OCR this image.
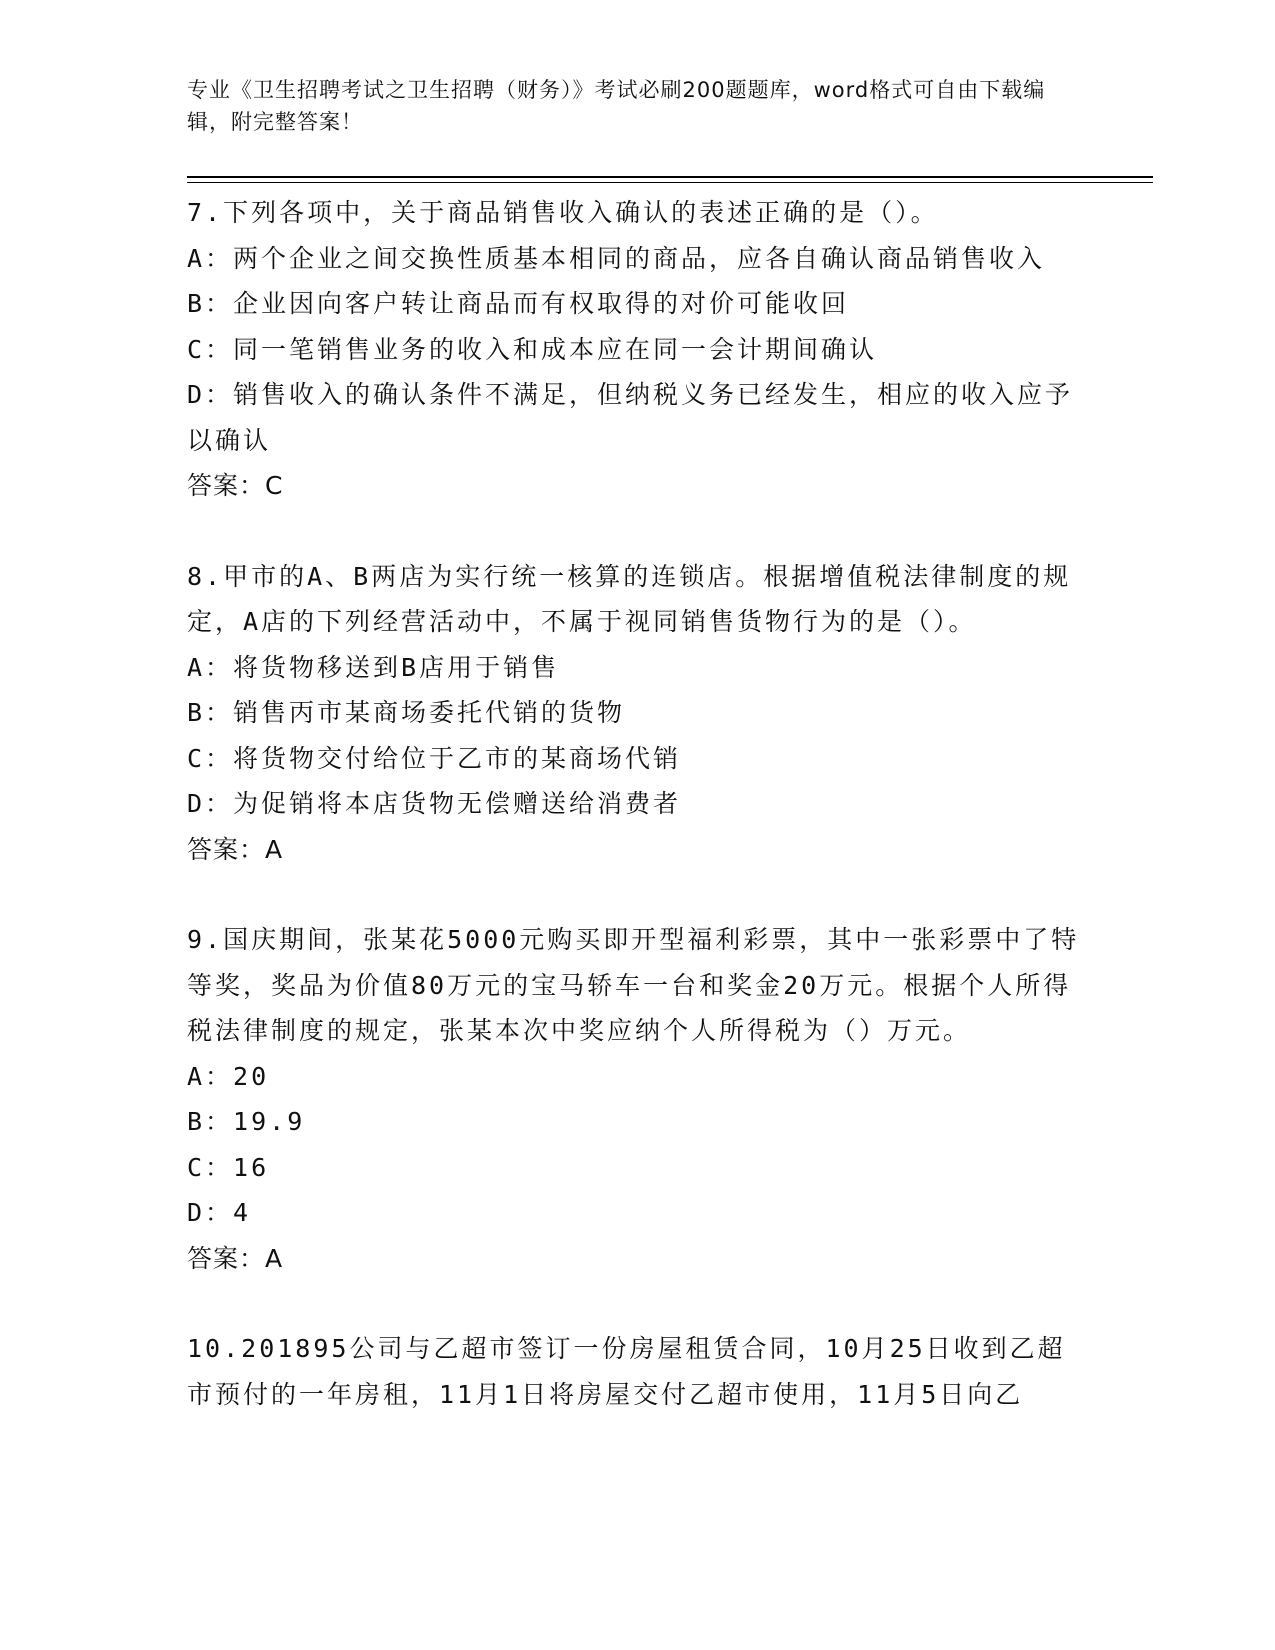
专业《卫生招聘考试之卫生招聘（财务）》考试必刷200题题库，word格式可自由下载编辑，附完整答案！

7.下列各项中，关于商品销售收入确认的表述正确的是（）。

A：两个企业之间交换性质基本相同的商品，应各自确认商品销售收入

B：企业因向客户转让商品而有权取得的对价可能收回

C：同一笔销售业务的收入和成本应在同一会计期间确认

D：销售收入的确认条件不满足，但纳税义务已经发生，相应的收入应予以确认

答案：C

8.甲市的A、B两店为实行统一核算的连锁店。根据增值税法律制度的规定，A店的下列经营活动中，不属于视同销售货物行为的是（）。

A：将货物移送到B店用于销售

B：销售丙市某商场委托代销的货物

C：将货物交付给位于乙市的某商场代销

D：为促销将本店货物无偿赠送给消费者

答案：A

9.国庆期间，张某花5000元购买即开型福利彩票，其中一张彩票中了特等奖，奖品为价值80万元的宝马轿车一台和奖金20万元。根据个人所得税法律制度的规定，张某本次中奖应纳个人所得税为（）万元。

A：20

B：19.9

C：16

D：4

答案：A

10.201895公司与乙超市签订一份房屋租赁合同，10月25日收到乙超市预付的一年房租，11月1日将房屋交付乙超市使用，11月5日向乙
